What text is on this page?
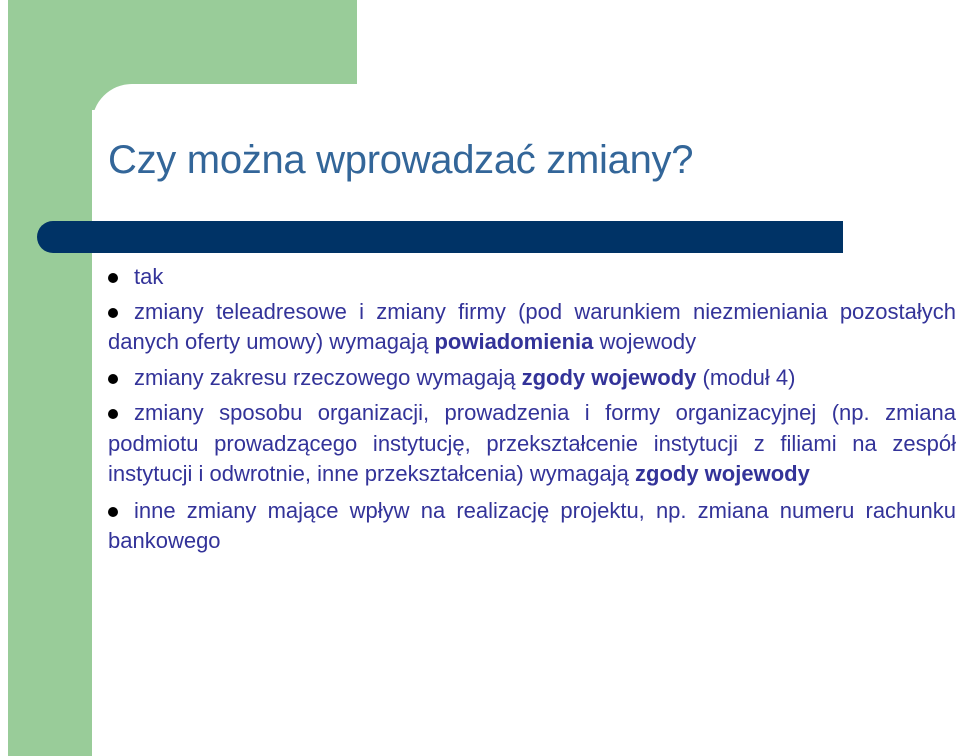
Czy można wprowadzać zmiany?

tak

zmiany teleadresowe i zmiany firmy (pod warunkiem niezmieniania pozostałych danych oferty umowy) wymagają powiadomienia wojewody

zmiany zakresu rzeczowego wymagają zgody wojewody (moduł 4)

zmiany sposobu organizacji, prowadzenia i formy organizacyjnej (np. zmiana podmiotu prowadzącego instytucję, przekształcenie instytucji z filiami na zespół instytucji i odwrotnie, inne przekształcenia) wymagają zgody wojewody

inne zmiany mające wpływ na realizację projektu, np. zmiana numeru rachunku bankowego
